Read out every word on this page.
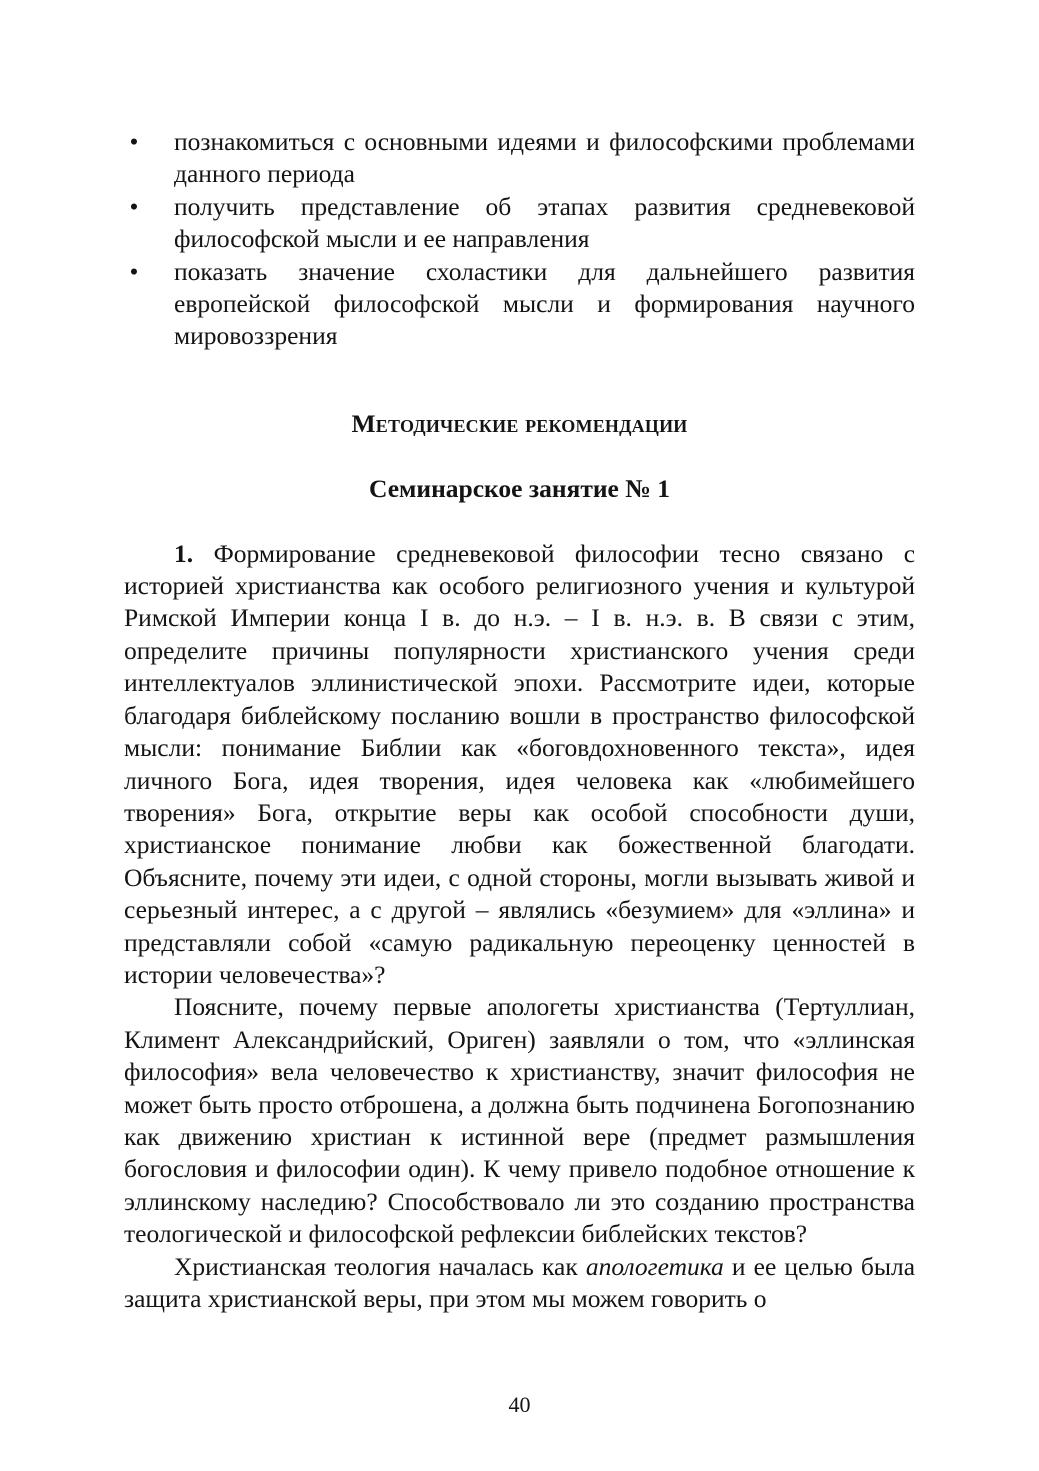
• познакомиться с основными идеями и философскими проблемами данного периода
• получить представление об этапах развития средневековой философской мысли и ее направления
• показать значение схоластики для дальнейшего развития европейской философской мысли и формирования научного мировоззрения
Методические рекомендации
Семинарское занятие № 1

1. Формирование средневековой философии тесно связано с историей христианства как особого религиозного учения и культурой Римской Империи конца I в. до н.э. – I в. н.э. в. В связи с этим, определите причины популярности христианского учения среди интеллектуалов эллинистической эпохи. Рассмотрите идеи, которые благодаря библейскому посланию вошли в пространство философской мысли: понимание Библии как «боговдохновенного текста», идея личного Бога, идея творения, идея человека как «любимейшего творения» Бога, открытие веры как особой способности души, христианское понимание любви как божественной благодати. Объясните, почему эти идеи, с одной стороны, могли вызывать живой и серьезный интерес, а с другой – являлись «безумием» для «эллина» и представляли собой «самую радикальную переоценку ценностей в истории человечества»?

Поясните, почему первые апологеты христианства (Тертуллиан, Климент Александрийский, Ориген) заявляли о том, что «эллинская философия» вела человечество к христианству, значит философия не может быть просто отброшена, а должна быть подчинена Богопознанию как движению христиан к истинной вере (предмет размышления богословия и философии один). К чему привело подобное отношение к эллинскому наследию? Способствовало ли это созданию пространства теологической и философской рефлексии библейских текстов?

Христианская теология началась как апологетика и ее целью была защита христианской веры, при этом мы можем говорить о

40
